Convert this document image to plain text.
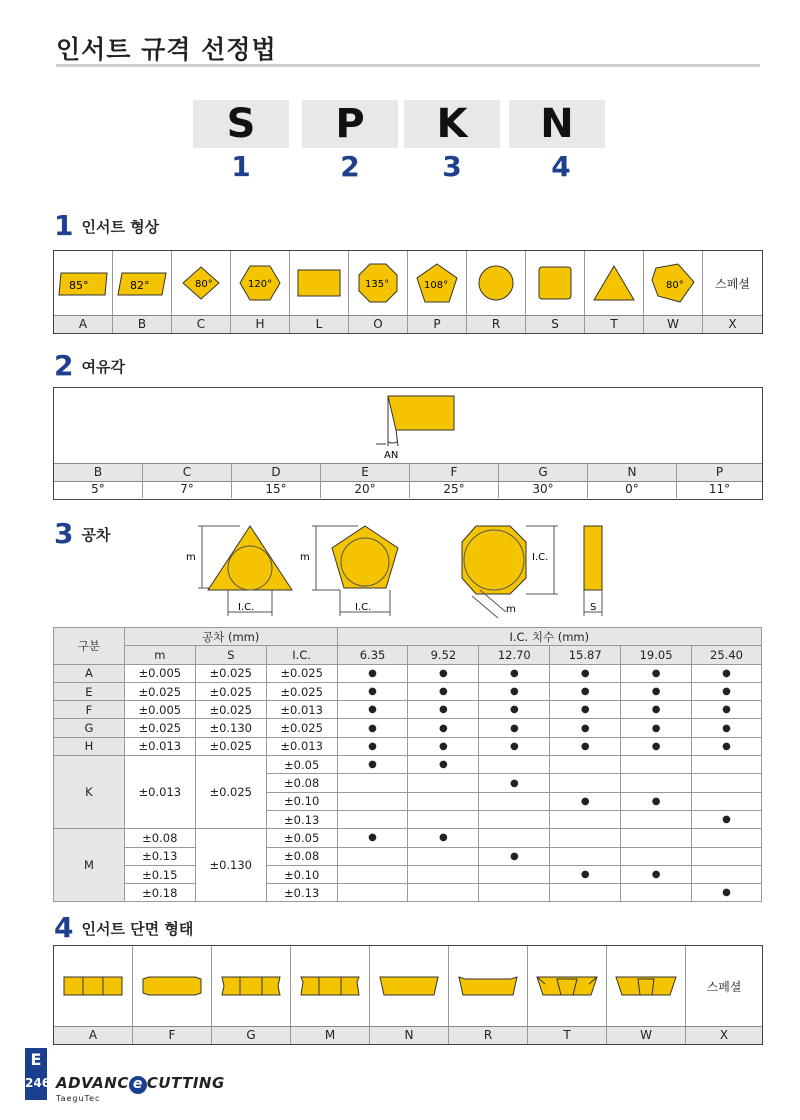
인서트 규격 선정법
S	P	K	N
1	2	3	4
1 인서트 형상
85°	82°	80°	120°	135°	108°	80°	스페셜
A	B	C	H	L	O	P	R	S	T	W	X
2 여유각
AN
B	C	D	E	F	G	N	P
5°	7°	15°	20°	25°	30°	0°	11°
3 공차
m
I.C.
m
I.C.
I.C.
m	S
구분	공차 (mm)			I.C. 치수 (mm)					
	m	S	I.C.	6.35	9.52	12.70	15.87	19.05	25.40
A	±0.005	±0.025	±0.025	●	●	●	●	●	●
E	±0.025	±0.025	±0.025	●	●	●	●	●	●
F	±0.005	±0.025	±0.013	●	●	●	●	●	●
G	±0.025	±0.130	±0.025	●	●	●	●	●	●
H	±0.013	±0.025	±0.013	●	●	●	●	●	●
K	±0.013	±0.025	±0.05	●	●				
			±0.08			●			
			±0.10				●	●	
			±0.13						●
M	±0.08	±0.130	±0.05	●	●				
	±0.13		±0.08			●			
	±0.15		±0.10				●	●	
	±0.18		±0.13						●
4 인서트 단면 형태
스페셜
A	F	G	M	N	R	T	W	X
E
246 ADVANC e CUTTING
TaeguTec
